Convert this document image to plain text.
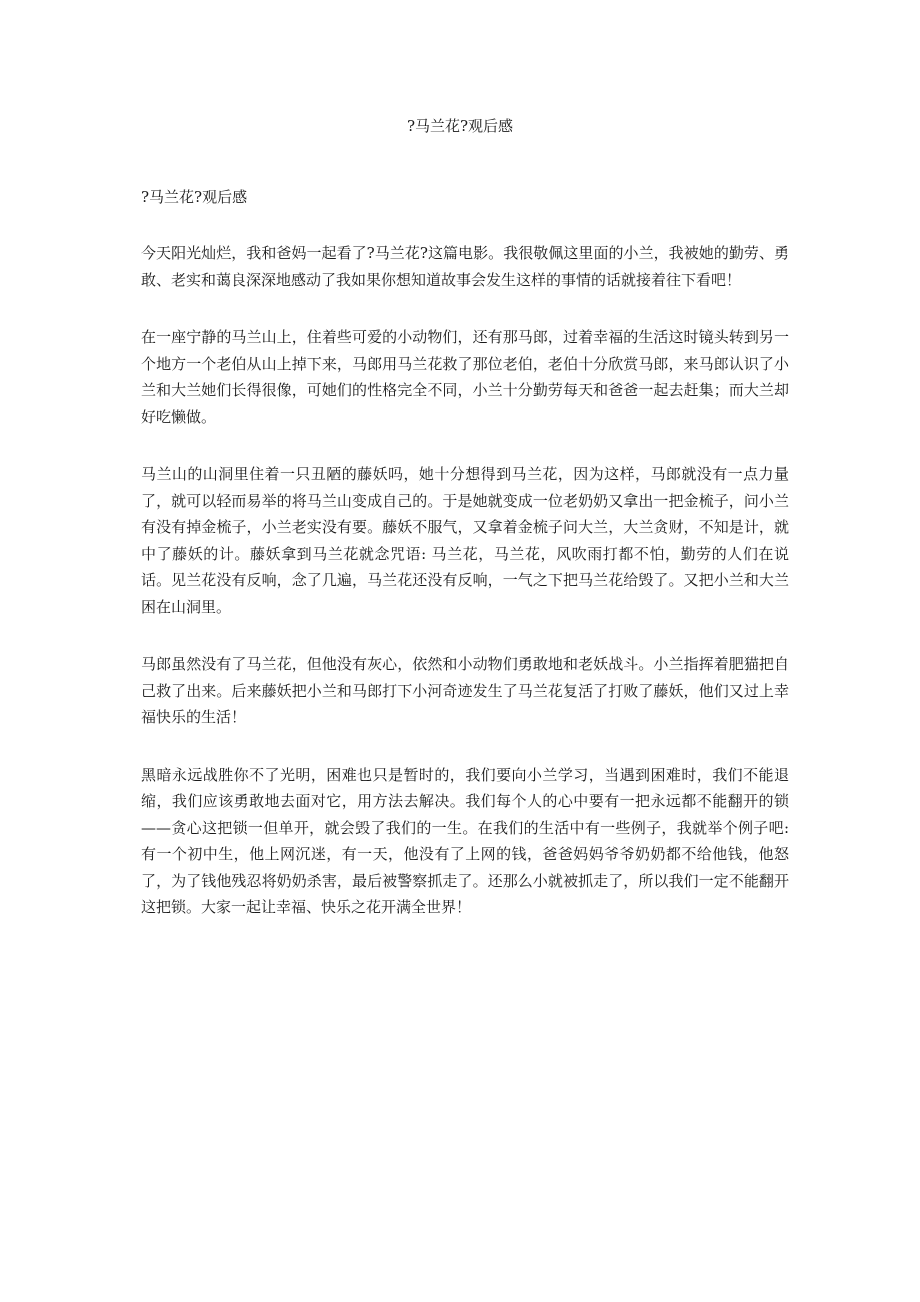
?马兰花?观后感

?马兰花?观后感

今天阳光灿烂，我和爸妈一起看了?马兰花?这篇电影。我很敬佩这里面的小兰，我被她的勤劳、勇敢、老实和蔼良深深地感动了我如果你想知道故事会发生这样的事情的话就接着往下看吧！

在一座宁静的马兰山上，住着些可爱的小动物们，还有那马郎，过着幸福的生活这时镜头转到另一个地方一个老伯从山上掉下来，马郎用马兰花救了那位老伯，老伯十分欣赏马郎，来马郎认识了小兰和大兰她们长得很像，可她们的性格完全不同，小兰十分勤劳每天和爸爸一起去赶集；而大兰却好吃懒做。

马兰山的山洞里住着一只丑陋的藤妖吗，她十分想得到马兰花，因为这样，马郎就没有一点力量了，就可以轻而易举的将马兰山变成自己的。于是她就变成一位老奶奶又拿出一把金梳子，问小兰有没有掉金梳子，小兰老实没有要。藤妖不服气，又拿着金梳子问大兰，大兰贪财，不知是计，就中了藤妖的计。藤妖拿到马兰花就念咒语: 马兰花，马兰花，风吹雨打都不怕，勤劳的人们在说话。见兰花没有反响，念了几遍，马兰花还没有反响，一气之下把马兰花给毁了。又把小兰和大兰困在山洞里。

马郎虽然没有了马兰花，但他没有灰心，依然和小动物们勇敢地和老妖战斗。小兰指挥着肥猫把自己救了出来。后来藤妖把小兰和马郎打下小河奇迹发生了马兰花复活了打败了藤妖，他们又过上幸福快乐的生活！

黑暗永远战胜你不了光明，困难也只是暂时的，我们要向小兰学习，当遇到困难时，我们不能退缩，我们应该勇敢地去面对它，用方法去解决。我们每个人的心中要有一把永远都不能翻开的锁——贪心这把锁一但单开，就会毁了我们的一生。在我们的生活中有一些例子，我就举个例子吧: 有一个初中生，他上网沉迷，有一天，他没有了上网的钱，爸爸妈妈爷爷奶奶都不给他钱，他怒了，为了钱他残忍将奶奶杀害，最后被警察抓走了。还那么小就被抓走了，所以我们一定不能翻开这把锁。大家一起让幸福、快乐之花开满全世界！
